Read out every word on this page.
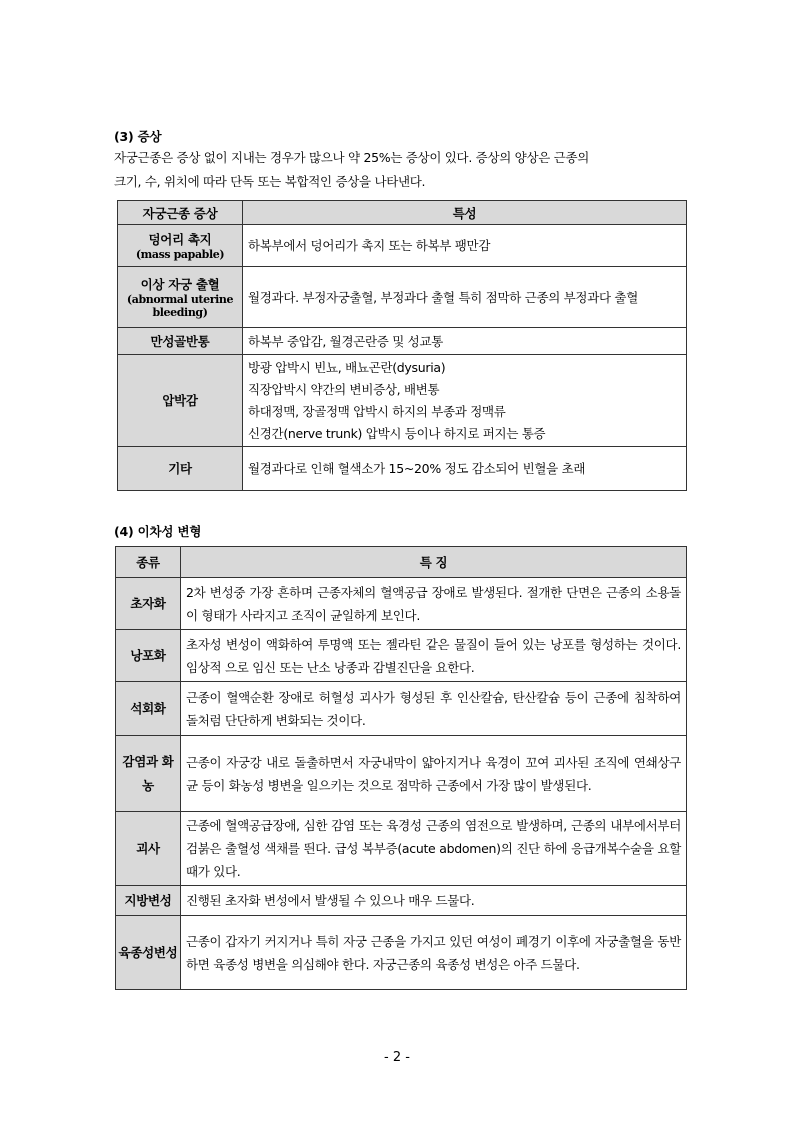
(3) 증상
자궁근종은 증상 없이 지내는 경우가 많으나 약 25%는 증상이 있다. 증상의 양상은 근종의
크기, 수, 위치에 따라 단독 또는 복합적인 증상을 나타낸다.
자궁근종 증상	특성
덩어리 촉지
(mass papable)	하복부에서 덩어리가 촉지 또는 하복부 팽만감

이상 자궁 출혈
(abnormal uterine bleeding)	월경과다. 부정자궁출혈, 부정과다 출혈 특히 점막하 근종의 부정과다 출혈

만성골반통	하복부 중압감, 월경곤란증 및 성교통

압박감	방광 압박시 빈뇨, 배뇨곤란(dysuria)
직장압박시 약간의 변비증상, 배변통
하대정맥, 장골정맥 압박시 하지의 부종과 정맥류
신경간(nerve trunk) 압박시 등이나 하지로 퍼지는 통증

기타	월경과다로 인해 혈색소가 15~20% 정도 감소되어 빈혈을 초래
(4) 이차성 변형
종류	특 징
초자화	2차 변성중 가장 흔하며 근종자체의 혈액공급 장애로 발생된다. 절개한 단면은 근종의 소용돌이 형태가 사라지고 조직이 균일하게 보인다.
낭포화	초자성 변성이 액화하여 투명액 또는 젤라틴 같은 물질이 들어 있는 낭포를 형성하는 것이다. 임상적 으로 임신 또는 난소 낭종과 감별진단을 요한다.
석회화	근종이 혈액순환 장애로 허혈성 괴사가 형성된 후 인산칼슘, 탄산칼슘 등이 근종에 침착하여 돌처럼 단단하게 변화되는 것이다.
감염과 화농	근종이 자궁강 내로 돌출하면서 자궁내막이 얇아지거나 육경이 꼬여 괴사된 조직에 연쇄상구균 등이 화농성 병변을 일으키는 것으로 점막하 근종에서 가장 많이 발생된다.
괴사	근종에 혈액공급장애, 심한 감염 또는 육경성 근종의 염전으로 발생하며, 근종의 내부에서부터 검붉은 출혈성 색채를 띈다. 급성 복부증(acute abdomen)의 진단 하에 응급개복수술을 요할 때가 있다.
지방변성	진행된 초자화 변성에서 발생될 수 있으나 매우 드물다.
육종성변성	근종이 갑자기 커지거나 특히 자궁 근종을 가지고 있던 여성이 폐경기 이후에 자궁출혈을 동반하면 육종성 병변을 의심해야 한다. 자궁근종의 육종성 변성은 아주 드물다.
- 2 -
